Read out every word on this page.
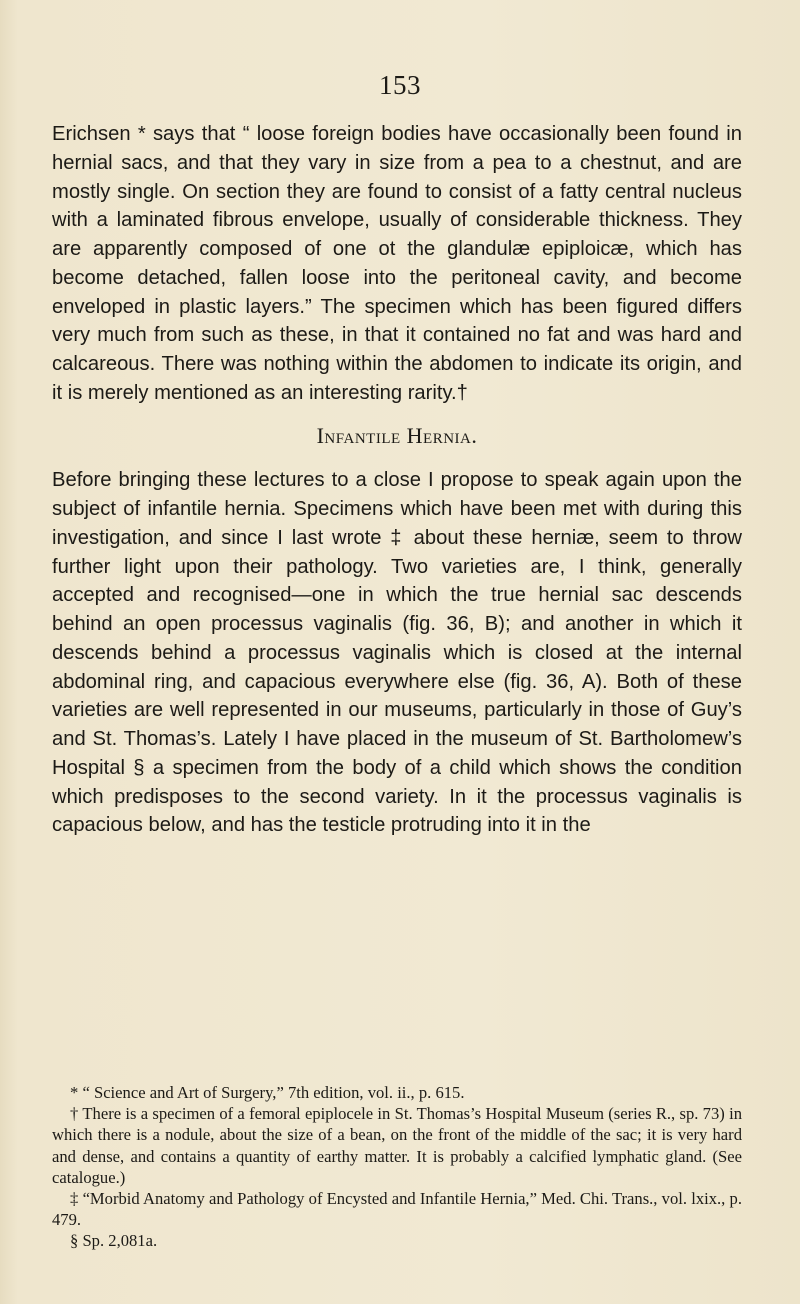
153

Erichsen * says that “ loose foreign bodies have occasionally been found in hernial sacs, and that they vary in size from a pea to a chestnut, and are mostly single. On section they are found to consist of a fatty central nucleus with a laminated fibrous envelope, usually of considerable thickness. They are apparently composed of one ot the glandulæ epiploicæ, which has become detached, fallen loose into the peritoneal cavity, and become enveloped in plastic layers.” The specimen which has been figured differs very much from such as these, in that it contained no fat and was hard and calcareous. There was nothing within the abdomen to indicate its origin, and it is merely mentioned as an interesting rarity.†

Infantile Hernia.

Before bringing these lectures to a close I propose to speak again upon the subject of infantile hernia. Specimens which have been met with during this investigation, and since I last wrote ‡ about these herniæ, seem to throw further light upon their pathology. Two varieties are, I think, generally accepted and recognised—one in which the true hernial sac descends behind an open processus vaginalis (fig. 36, B); and another in which it descends behind a processus vaginalis which is closed at the internal abdominal ring, and capacious everywhere else (fig. 36, A). Both of these varieties are well represented in our museums, particularly in those of Guy’s and St. Thomas’s. Lately I have placed in the museum of St. Bartholomew’s Hospital § a specimen from the body of a child which shows the condition which predisposes to the second variety. In it the processus vaginalis is capacious below, and has the testicle protruding into it in the

* “ Science and Art of Surgery,” 7th edition, vol. ii., p. 615.

† There is a specimen of a femoral epiplocele in St. Thomas’s Hospital Museum (series R., sp. 73) in which there is a nodule, about the size of a bean, on the front of the middle of the sac; it is very hard and dense, and contains a quantity of earthy matter. It is probably a calcified lymphatic gland. (See catalogue.)

‡ “Morbid Anatomy and Pathology of Encysted and Infantile Hernia,” Med. Chi. Trans., vol. lxix., p. 479.

§ Sp. 2,081a.
